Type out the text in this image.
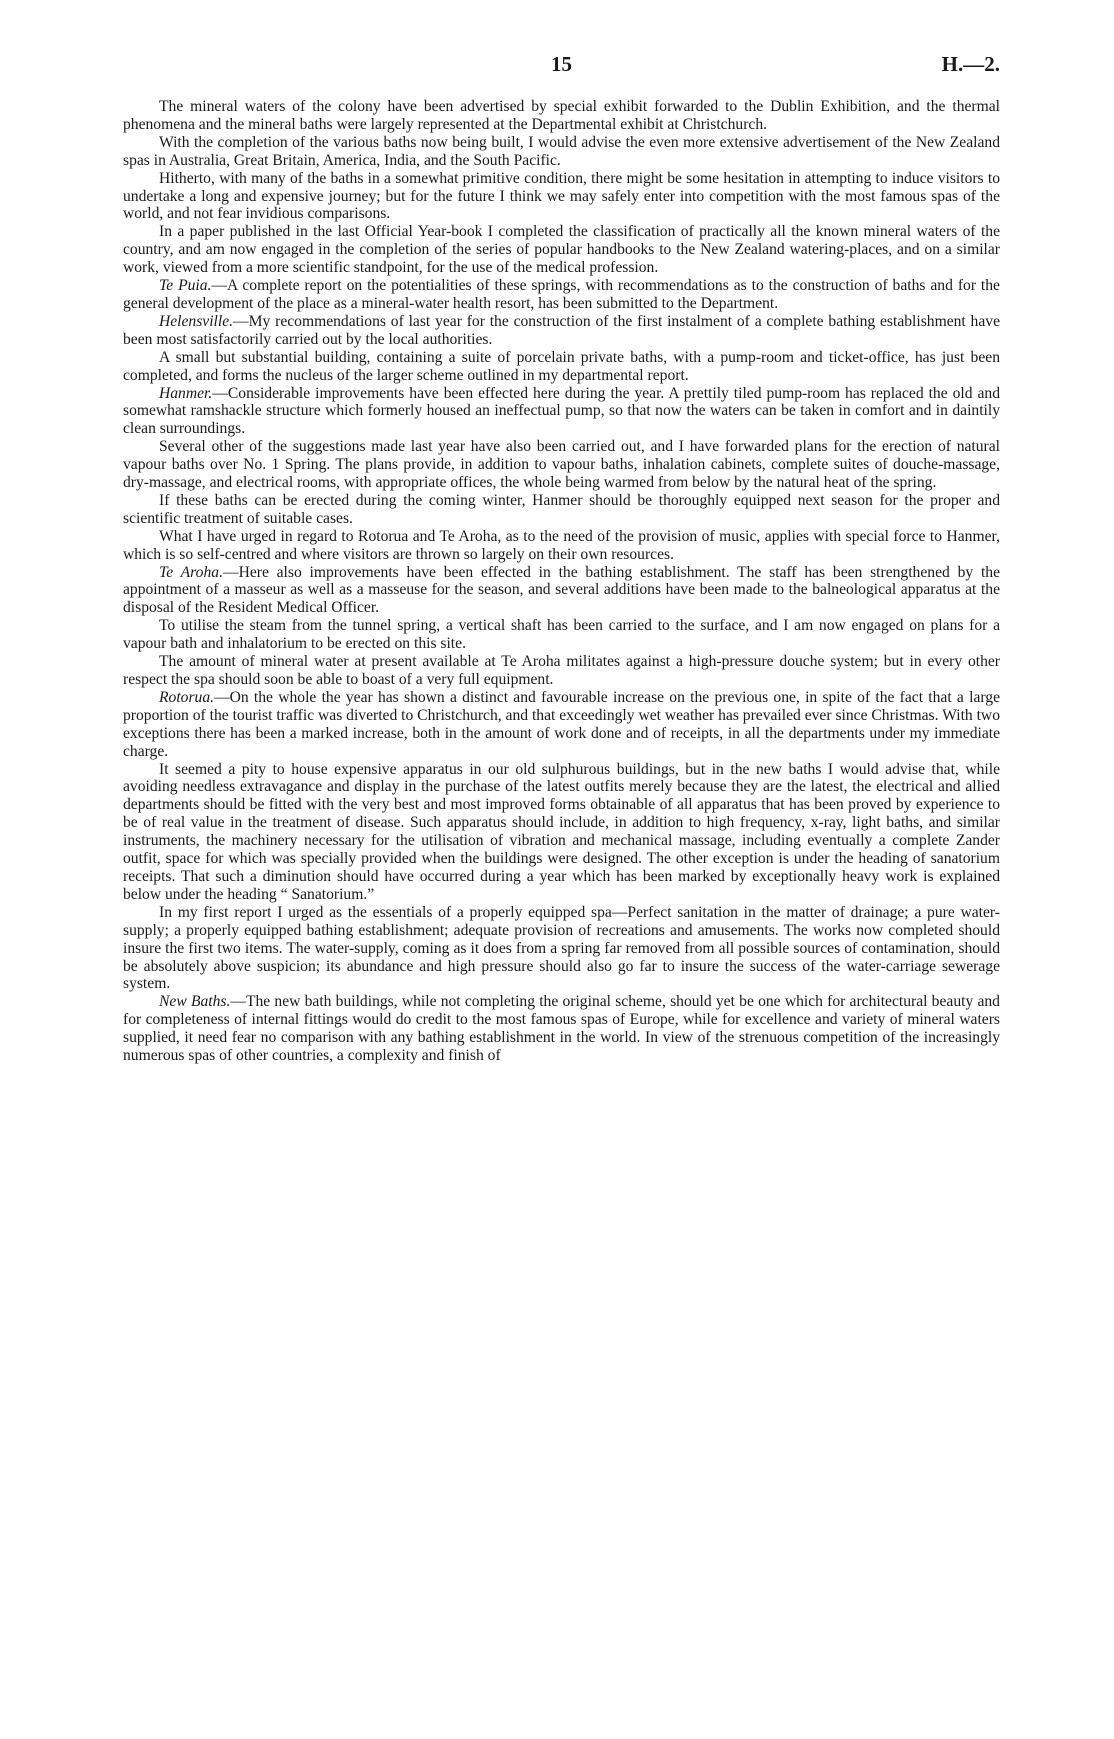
15	H.—2.

The mineral waters of the colony have been advertised by special exhibit forwarded to the Dublin Exhibition, and the thermal phenomena and the mineral baths were largely represented at the Departmental exhibit at Christchurch.

With the completion of the various baths now being built, I would advise the even more extensive advertisement of the New Zealand spas in Australia, Great Britain, America, India, and the South Pacific.

Hitherto, with many of the baths in a somewhat primitive condition, there might be some hesitation in attempting to induce visitors to undertake a long and expensive journey; but for the future I think we may safely enter into competition with the most famous spas of the world, and not fear invidious comparisons.

In a paper published in the last Official Year-book I completed the classification of practically all the known mineral waters of the country, and am now engaged in the completion of the series of popular handbooks to the New Zealand watering-places, and on a similar work, viewed from a more scientific standpoint, for the use of the medical profession.

Te Puia.—A complete report on the potentialities of these springs, with recommendations as to the construction of baths and for the general development of the place as a mineral-water health resort, has been submitted to the Department.

Helensville.—My recommendations of last year for the construction of the first instalment of a complete bathing establishment have been most satisfactorily carried out by the local authorities.

A small but substantial building, containing a suite of porcelain private baths, with a pump-room and ticket-office, has just been completed, and forms the nucleus of the larger scheme outlined in my departmental report.

Hanmer.—Considerable improvements have been effected here during the year. A prettily tiled pump-room has replaced the old and somewhat ramshackle structure which formerly housed an ineffectual pump, so that now the waters can be taken in comfort and in daintily clean surroundings.

Several other of the suggestions made last year have also been carried out, and I have forwarded plans for the erection of natural vapour baths over No. 1 Spring. The plans provide, in addition to vapour baths, inhalation cabinets, complete suites of douche-massage, dry-massage, and electrical rooms, with appropriate offices, the whole being warmed from below by the natural heat of the spring.

If these baths can be erected during the coming winter, Hanmer should be thoroughly equipped next season for the proper and scientific treatment of suitable cases.

What I have urged in regard to Rotorua and Te Aroha, as to the need of the provision of music, applies with special force to Hanmer, which is so self-centred and where visitors are thrown so largely on their own resources.

Te Aroha.—Here also improvements have been effected in the bathing establishment. The staff has been strengthened by the appointment of a masseur as well as a masseuse for the season, and several additions have been made to the balneological apparatus at the disposal of the Resident Medical Officer.

To utilise the steam from the tunnel spring, a vertical shaft has been carried to the surface, and I am now engaged on plans for a vapour bath and inhalatorium to be erected on this site.

The amount of mineral water at present available at Te Aroha militates against a high-pressure douche system; but in every other respect the spa should soon be able to boast of a very full equipment.

Rotorua.—On the whole the year has shown a distinct and favourable increase on the previous one, in spite of the fact that a large proportion of the tourist traffic was diverted to Christchurch, and that exceedingly wet weather has prevailed ever since Christmas. With two exceptions there has been a marked increase, both in the amount of work done and of receipts, in all the departments under my immediate charge.

It seemed a pity to house expensive apparatus in our old sulphurous buildings, but in the new baths I would advise that, while avoiding needless extravagance and display in the purchase of the latest outfits merely because they are the latest, the electrical and allied departments should be fitted with the very best and most improved forms obtainable of all apparatus that has been proved by experience to be of real value in the treatment of disease. Such apparatus should include, in addition to high frequency, x-ray, light baths, and similar instruments, the machinery necessary for the utilisation of vibration and mechanical massage, including eventually a complete Zander outfit, space for which was specially provided when the buildings were designed. The other exception is under the heading of sanatorium receipts. That such a diminution should have occurred during a year which has been marked by exceptionally heavy work is explained below under the heading “ Sanatorium.”

In my first report I urged as the essentials of a properly equipped spa—Perfect sanitation in the matter of drainage; a pure water-supply; a properly equipped bathing establishment; adequate provision of recreations and amusements. The works now completed should insure the first two items. The water-supply, coming as it does from a spring far removed from all possible sources of contamination, should be absolutely above suspicion; its abundance and high pressure should also go far to insure the success of the water-carriage sewerage system.

New Baths.—The new bath buildings, while not completing the original scheme, should yet be one which for architectural beauty and for completeness of internal fittings would do credit to the most famous spas of Europe, while for excellence and variety of mineral waters supplied, it need fear no comparison with any bathing establishment in the world. In view of the strenuous competition of the increasingly numerous spas of other countries, a complexity and finish of
